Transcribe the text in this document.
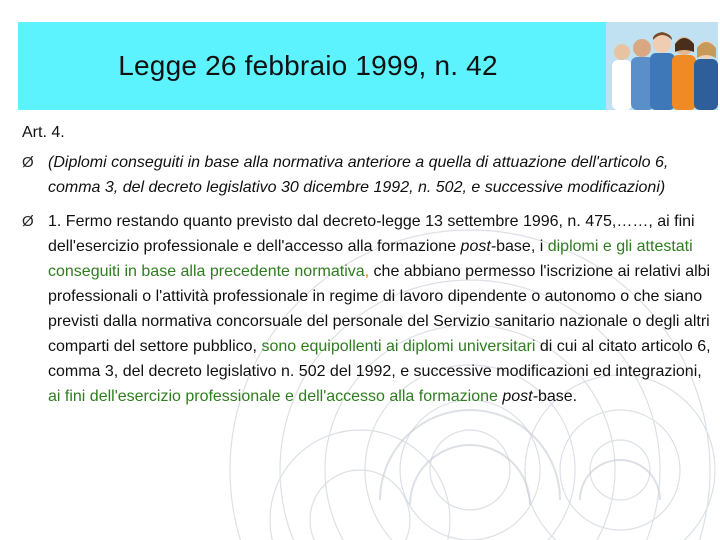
Legge 26 febbraio 1999, n. 42

Art. 4.

Ø (Diplomi conseguiti in base alla normativa anteriore a quella di attuazione dell'articolo 6, comma 3, del decreto legislativo 30 dicembre 1992, n. 502, e successive modificazioni)
Ø 1. Fermo restando quanto previsto dal decreto-legge 13 settembre 1996, n. 475,……, ai fini dell'esercizio professionale e dell'accesso alla formazione post-base, i diplomi e gli attestati conseguiti in base alla precedente normativa, che abbiano permesso l'iscrizione ai relativi albi professionali o l'attività professionale in regime di lavoro dipendente o autonomo o che siano previsti dalla normativa concorsuale del personale del Servizio sanitario nazionale o degli altri comparti del settore pubblico, sono equipollenti ai diplomi universitari di cui al citato articolo 6, comma 3, del decreto legislativo n. 502 del 1992, e successive modificazioni ed integrazioni, ai fini dell'esercizio professionale e dell'accesso alla formazione post-base.
